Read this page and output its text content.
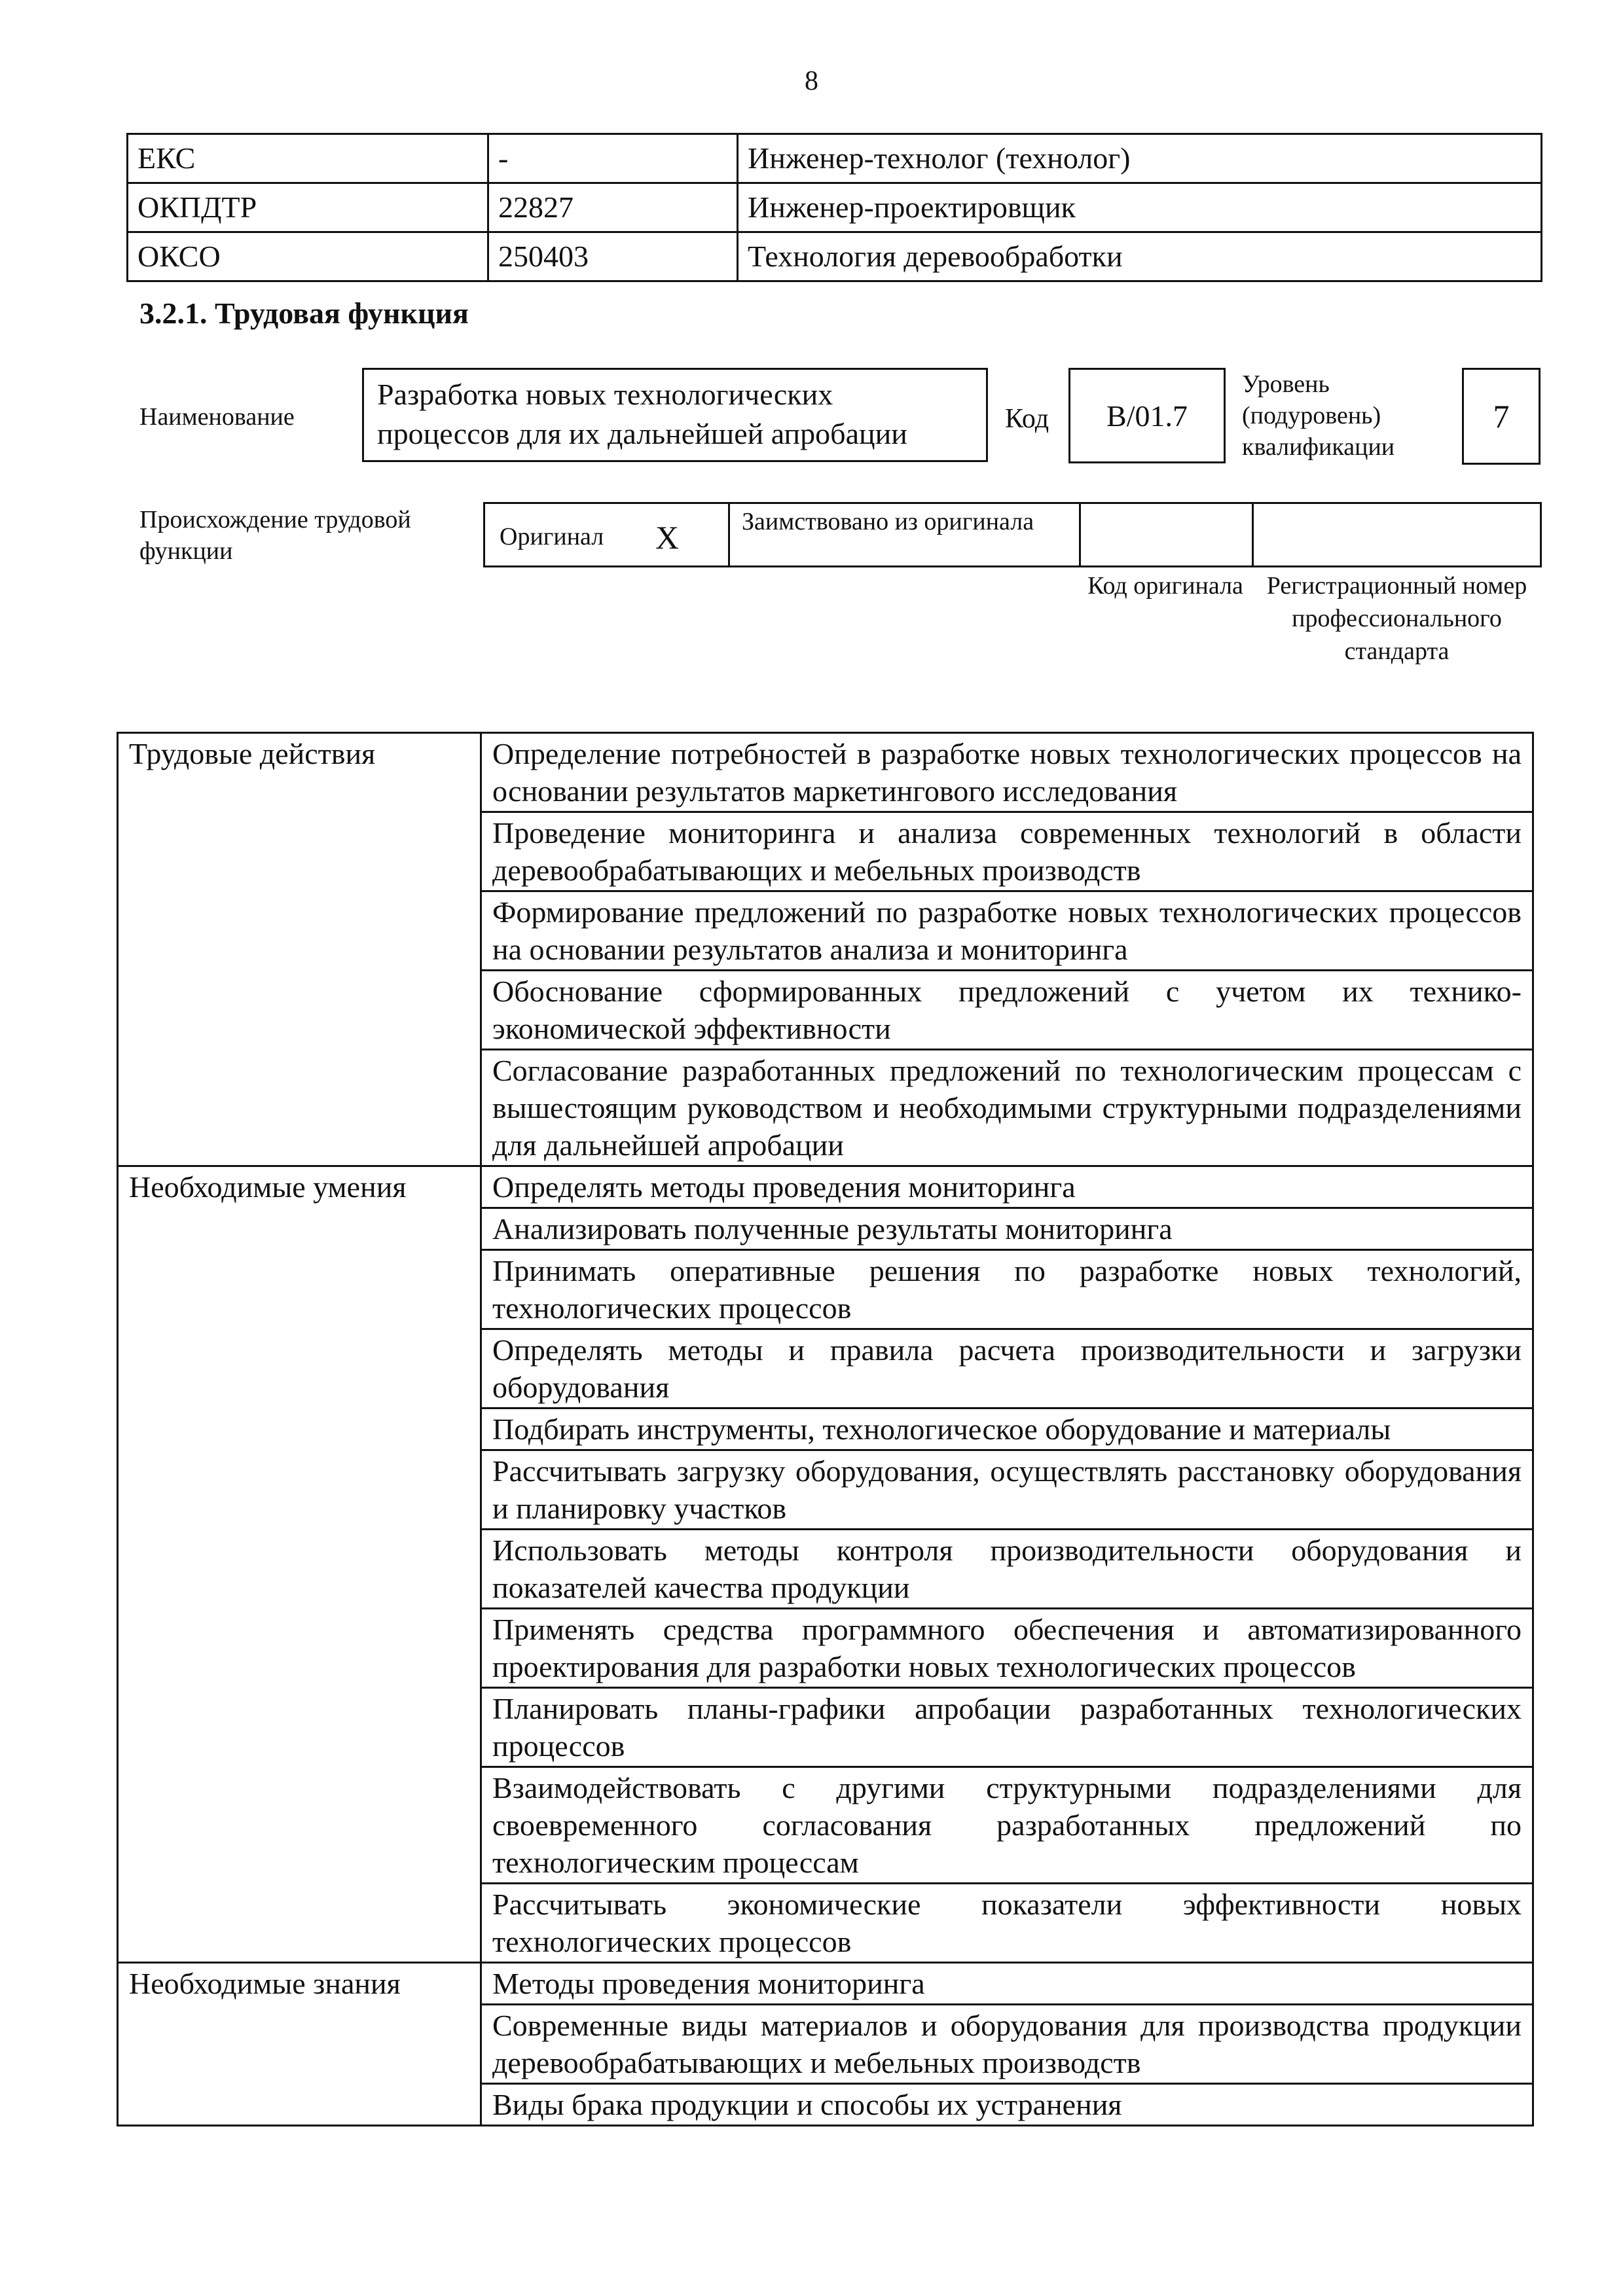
8
ЕКС	-	Инженер-технолог (технолог)
ОКПДТР	22827	Инженер-проектировщик
ОКСО	250403	Технология деревообработки
3.2.1. Трудовая функция
Наименование
Разработка новых технологических процессов для их дальнейшей апробации	Код	B/01.7
Уровень (подуровень) квалификации
7
Происхождение трудовой функции
Оригинал X	Заимствовано из оригинала
Код оригинала Регистрационный номер профессионального стандарта
Трудовые действия	Определение потребностей в разработке новых технологических процессов на основании результатов маркетингового исследования
	Проведение мониторинга и анализа современных технологий в области деревообрабатывающих и мебельных производств
	Формирование предложений по разработке новых технологических процессов на основании результатов анализа и мониторинга
	Обоснование сформированных предложений с учетом их технико-экономической эффективности
	Согласование разработанных предложений по технологическим процессам с вышестоящим руководством и необходимыми структурными подразделениями для дальнейшей апробации
Необходимые умения	Определять методы проведения мониторинга
	Анализировать полученные результаты мониторинга
	Принимать оперативные решения по разработке новых технологий, технологических процессов
	Определять методы и правила расчета производительности и загрузки оборудования
	Подбирать инструменты, технологическое оборудование и материалы
	Рассчитывать загрузку оборудования, осуществлять расстановку оборудования и планировку участков
	Использовать методы контроля производительности оборудования и показателей качества продукции
	Применять средства программного обеспечения и автоматизированного проектирования для разработки новых технологических процессов
	Планировать планы-графики апробации разработанных технологических процессов
	Взаимодействовать с другими структурными подразделениями для своевременного согласования разработанных предложений по технологическим процессам
	Рассчитывать экономические показатели эффективности новых технологических процессов
Необходимые знания	Методы проведения мониторинга
	Современные виды материалов и оборудования для производства продукции деревообрабатывающих и мебельных производств
	Виды брака продукции и способы их устранения
